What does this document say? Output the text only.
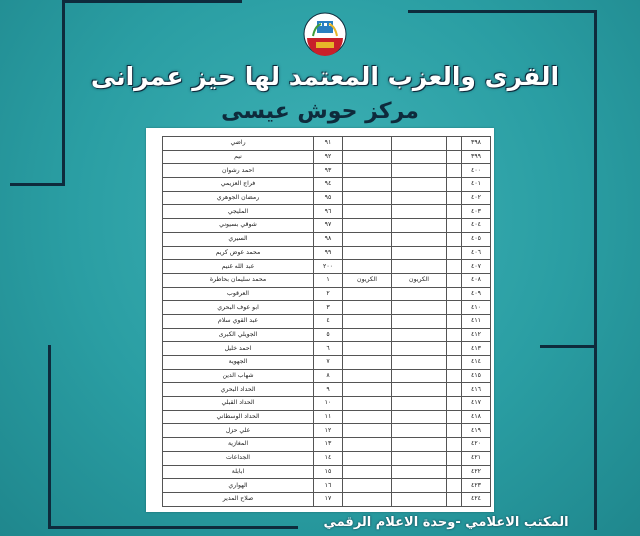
القرى والعزب المعتمد لها حيز عمرانى
مركز حوش عيسى
٣٩٨				٩١	راضي
٣٩٩				٩٢	نيم
٤٠٠				٩٣	احمد رشوان
٤٠١				٩٤	فراج العزيمي
٤٠٢				٩٥	رمضان الجوهري
٤٠٣				٩٦	المليجي
٤٠٤				٩٧	شوقي بسيوني
٤٠٥				٩٨	السيري
٤٠٦				٩٩	محمد عوض كريم
٤٠٧				٢٠٠	عبد الله غنيم
٤٠٨		الكريون	الكريون	١	محمد سليمان بحاطرة
٤٠٩				٢	العرقوب
٤١٠				٣	ابو عوف البحري
٤١١				٤	عبد القوي سلام
٤١٢				٥	الجويلي الكبرى
٤١٣				٦	احمد خليل
٤١٤				٧	الجهوية
٤١٥				٨	شهاب الدين
٤١٦				٩	الحداد البحري
٤١٧				١٠	الحداد القبلي
٤١٨				١١	الحداد الوسطاني
٤١٩				١٢	علي حزل
٤٢٠				١٣	المغازية
٤٢١				١٤	الجداعات
٤٢٢				١٥	ابابلة
٤٢٣				١٦	الهواري
٤٢٤				١٧	صلاح المدير
المكتب الاعلامي -وحدة الاعلام الرقمي
